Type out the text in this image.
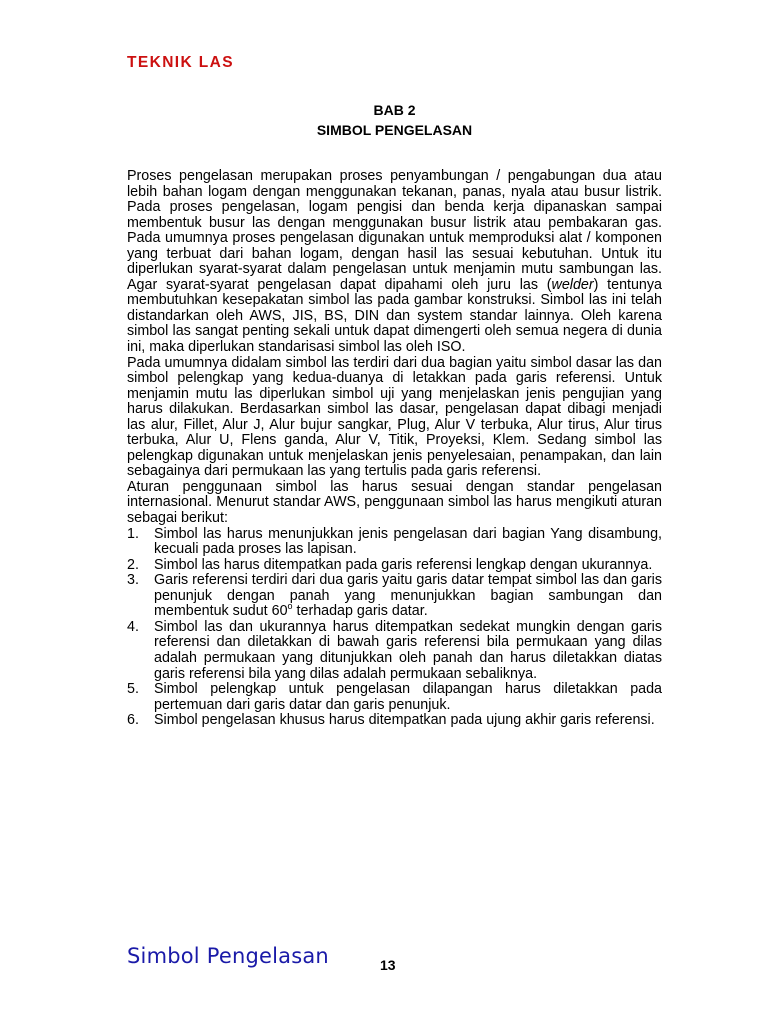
TEKNIK LAS
BAB 2
SIMBOL PENGELASAN

Proses pengelasan merupakan proses penyambungan / pengabungan dua atau lebih bahan logam dengan menggunakan tekanan, panas, nyala atau busur listrik. Pada proses pengelasan, logam pengisi dan benda kerja dipanaskan sampai membentuk busur las dengan menggunakan busur listrik atau pembakaran gas. Pada umumnya proses pengelasan digunakan untuk memproduksi alat / komponen yang terbuat dari bahan logam, dengan hasil las sesuai kebutuhan. Untuk itu diperlukan syarat-syarat dalam pengelasan untuk menjamin mutu sambungan las. Agar syarat-syarat pengelasan dapat dipahami oleh juru las (welder) tentunya membutuhkan kesepakatan simbol las pada gambar konstruksi. Simbol las ini telah distandarkan oleh AWS, JIS, BS, DIN dan system standar lainnya. Oleh karena simbol las sangat penting sekali untuk dapat dimengerti oleh semua negera di dunia ini, maka diperlukan standarisasi simbol las oleh ISO.

Pada umumnya didalam simbol las terdiri dari dua bagian yaitu simbol dasar las dan simbol pelengkap yang kedua-duanya di letakkan pada garis referensi. Untuk menjamin mutu las diperlukan simbol uji yang menjelaskan jenis pengujian yang harus dilakukan. Berdasarkan simbol las dasar, pengelasan dapat dibagi menjadi las alur, Fillet, Alur J, Alur bujur sangkar, Plug, Alur V terbuka, Alur tirus, Alur tirus terbuka, Alur U, Flens ganda, Alur V, Titik, Proyeksi, Klem. Sedang simbol las pelengkap digunakan untuk menjelaskan jenis penyelesaian, penampakan, dan lain sebagainya dari permukaan las yang tertulis pada garis referensi.

Aturan penggunaan simbol las harus sesuai dengan standar pengelasan internasional. Menurut standar AWS, penggunaan simbol las harus mengikuti aturan sebagai berikut:

1. Simbol las harus menunjukkan jenis pengelasan dari bagian Yang disambung, kecuali pada proses las lapisan.
2. Simbol las harus ditempatkan pada garis referensi lengkap dengan ukurannya.
3. Garis referensi terdiri dari dua garis yaitu garis datar tempat simbol las dan garis penunjuk dengan panah yang menunjukkan bagian sambungan dan membentuk sudut 60$^o$ terhadap garis datar.
4. Simbol las dan ukurannya harus ditempatkan sedekat mungkin dengan garis referensi dan diletakkan di bawah garis referensi bila permukaan yang dilas adalah permukaan yang ditunjukkan oleh panah dan harus diletakkan diatas garis referensi bila yang dilas adalah permukaan sebaliknya.
5. Simbol pelengkap untuk pengelasan dilapangan harus diletakkan pada pertemuan dari garis datar dan garis penunjuk.
6. Simbol pengelasan khusus harus ditempatkan pada ujung akhir garis referensi.
Simbol Pengelasan	13
